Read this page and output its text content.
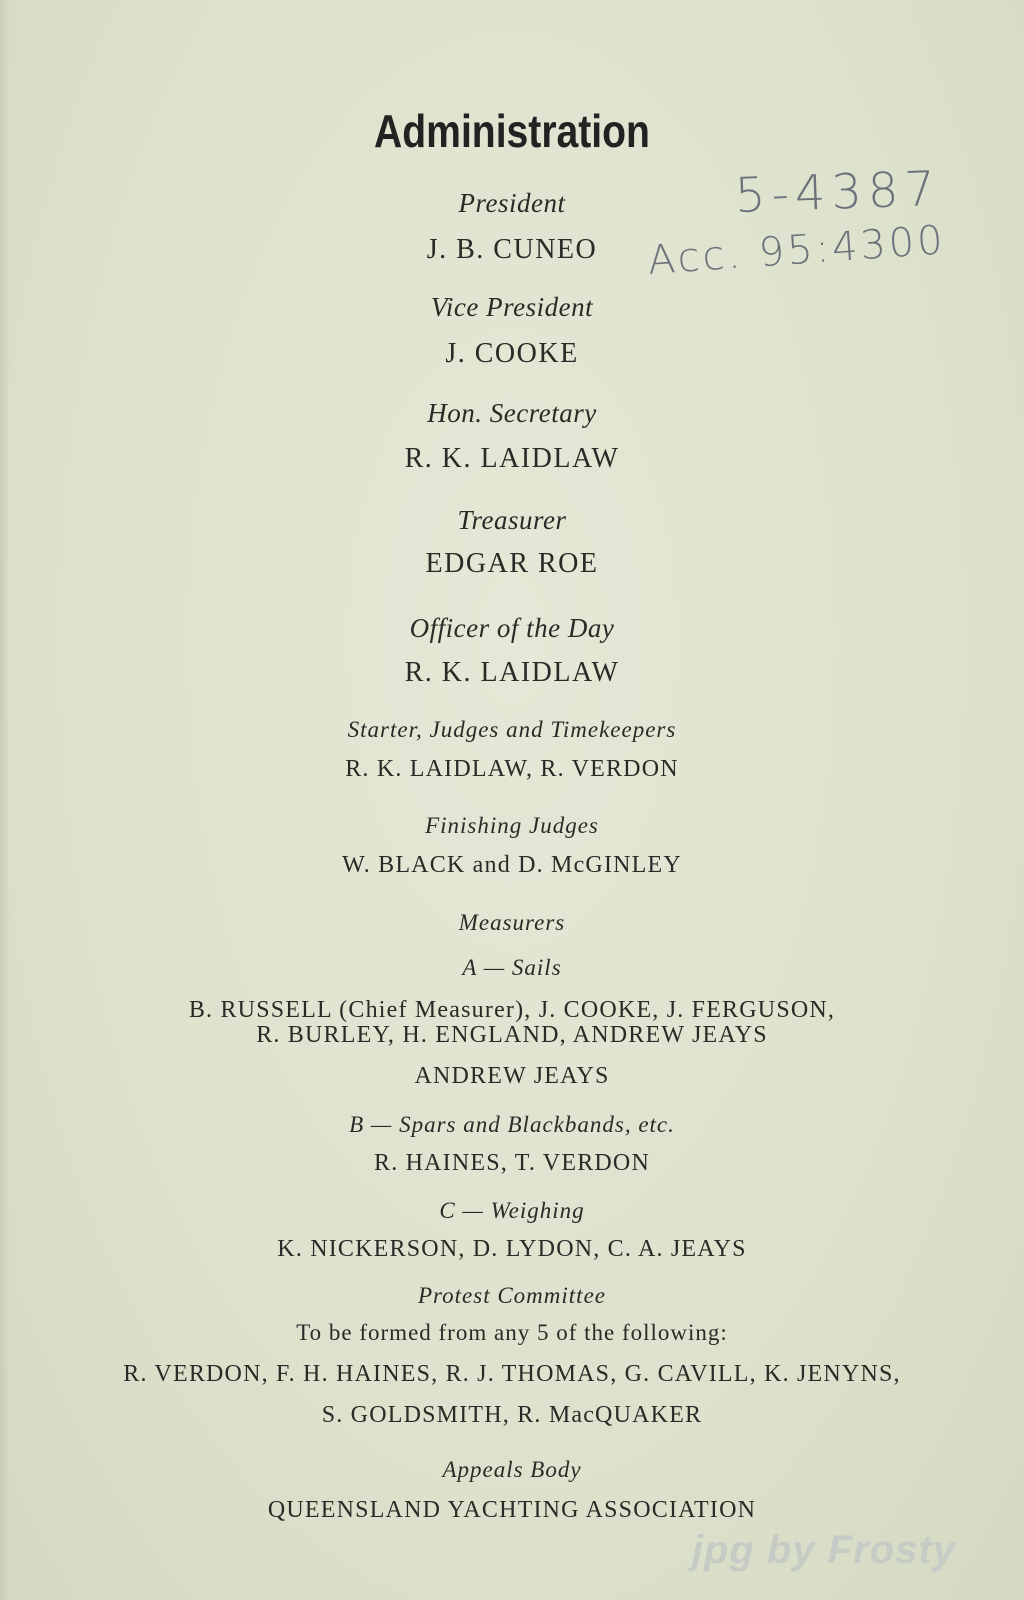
Administration
President
J. B. CUNEO
Vice President
J. COOKE
Hon. Secretary
R. K. LAIDLAW
Treasurer
EDGAR ROE
Officer of the Day
R. K. LAIDLAW
Starter, Judges and Timekeepers
R. K. LAIDLAW, R. VERDON
Finishing Judges
W. BLACK and D. McGINLEY
Measurers
A — Sails
B. RUSSELL (Chief Measurer), J. COOKE, J. FERGUSON,
R. BURLEY, H. ENGLAND, ANDREW JEAYS
ANDREW JEAYS
B — Spars and Blackbands, etc.
R. HAINES, T. VERDON
C — Weighing
K. NICKERSON, D. LYDON, C. A. JEAYS
Protest Committee
To be formed from any 5 of the following:
R. VERDON, F. H. HAINES, R. J. THOMAS, G. CAVILL, K. JENYNS,
S. GOLDSMITH, R. MacQUAKER
Appeals Body
QUEENSLAND YACHTING ASSOCIATION
5-4387
Acc. 95:4300
jpg by Frosty
